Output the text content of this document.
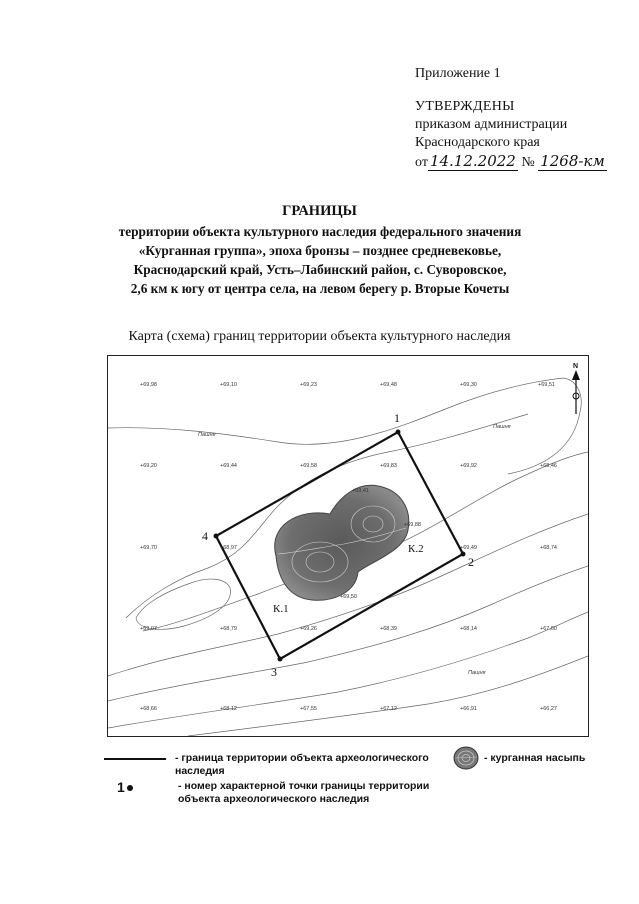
Приложение 1
УТВЕРЖДЕНЫ
приказом администрации
Краснодарского края
от 14.12.2022 № 1268-км
ГРАНИЦЫ
территории объекта культурного наследия федерального значения
«Курганная группа», эпоха бронзы – позднее средневековье,
Краснодарский край, Усть–Лабинский район, с. Суворовское,
2,6 км к югу от центра села, на левом берегу р. Вторые Кочеты
Карта (схема) границ территории объекта культурного наследия
1
2
3
4
К.1
К.2
Пашня
Пашня
Пашня
+69,98	+69,10	+69,23	+69,48	+69,30	+69,51
+69,20	+69,44	+69,58	+69,83	+69,92	+68,46
+69,70	+68,97	+69,49	+68,74
+69,07	+68,79	+69,26	+68,39	+68,14	+67,60
+68,66	+68,12	+67,55	+67,12	+66,91	+66,27
+69,41
+69,88
+69,50
N
- граница территории объекта археологического наследия
- курганная насыпь
1	- номер характерной точки границы территории объекта археологического наследия
